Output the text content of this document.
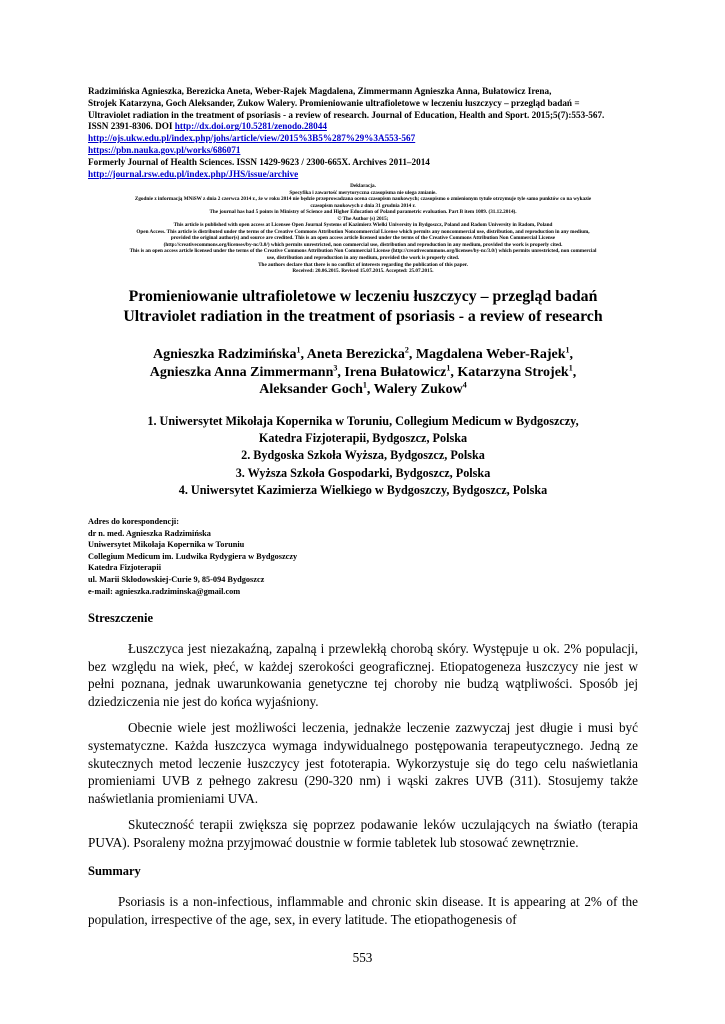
Radzimińska Agnieszka, Berezicka Aneta, Weber-Rajek Magdalena, Zimmermann Agnieszka Anna, Bułatowicz Irena,
Strojek Katarzyna, Goch Aleksander, Zukow Walery. Promieniowanie ultrafioletowe w leczeniu łuszczycy – przegląd badań =
Ultraviolet radiation in the treatment of psoriasis - a review of research. Journal of Education, Health and Sport. 2015;5(7):553-567.
ISSN 2391-8306. DOI http://dx.doi.org/10.5281/zenodo.28044
http://ojs.ukw.edu.pl/index.php/johs/article/view/2015%3B5%287%29%3A553-567
https://pbn.nauka.gov.pl/works/686071
Formerly Journal of Health Sciences. ISSN 1429-9623 / 2300-665X. Archives 2011–2014
http://journal.rsw.edu.pl/index.php/JHS/issue/archive
Deklaracja.
Specyfika i zawartość merytoryczna czasopisma nie ulega zmianie.
Zgodnie z informacją MNiSW z dnia 2 czerwca 2014 r., że w roku 2014 nie będzie przeprowadzana ocena czasopism naukowych; czasopismo o zmienionym tytule otrzymuje tyle samo punktów co na wykazie
czasopism naukowych z dnia 31 grudnia 2014 r.
The journal has had 5 points in Ministry of Science and Higher Education of Poland parametric evaluation. Part B item 1089. (31.12.2014).
© The Author (s) 2015;
This article is published with open access at Licensee Open Journal Systems of Kazimierz Wielki University in Bydgoszcz, Poland and Radom University in Radom, Poland
Open Access. This article is distributed under the terms of the Creative Commons Attribution Noncommercial License which permits any noncommercial use, distribution, and reproduction in any medium,
provided the original author(s) and source are credited. This is an open access article licensed under the terms of the Creative Commons Attribution Non Commercial License
(http://creativecommons.org/licenses/by-nc/3.0/) which permits unrestricted, non commercial use, distribution and reproduction in any medium, provided the work is properly cited.
This is an open access article licensed under the terms of the Creative Commons Attribution Non Commercial License (http://creativecommons.org/licenses/by-nc/3.0/) which permits unrestricted, non commercial
use, distribution and reproduction in any medium, provided the work is properly cited.
The authors declare that there is no conflict of interests regarding the publication of this paper.
Received: 20.06.2015. Revised 15.07.2015. Accepted: 25.07.2015.
Promieniowanie ultrafioletowe w leczeniu łuszczycy – przegląd badań
Ultraviolet radiation in the treatment of psoriasis - a review of research
Agnieszka Radzimińska$^1$, Aneta Berezicka$^2$, Magdalena Weber-Rajek$^1$,
Agnieszka Anna Zimmermann$^3$, Irena Bułatowicz$^1$, Katarzyna Strojek$^1$,
Aleksander Goch$^1$, Walery Zukow$^4$
1. Uniwersytet Mikołaja Kopernika w Toruniu, Collegium Medicum w Bydgoszczy,
Katedra Fizjoterapii, Bydgoszcz, Polska
2. Bydgoska Szkoła Wyższa, Bydgoszcz, Polska
3. Wyższa Szkoła Gospodarki, Bydgoszcz, Polska
4. Uniwersytet Kazimierza Wielkiego w Bydgoszczy, Bydgoszcz, Polska
Adres do korespondencji:
dr n. med. Agnieszka Radzimińska
Uniwersytet Mikołaja Kopernika w Toruniu
Collegium Medicum im. Ludwika Rydygiera w Bydgoszczy
Katedra Fizjoterapii
ul. Marii Skłodowskiej-Curie 9, 85-094 Bydgoszcz
e-mail: agnieszka.radziminska@gmail.com
Streszczenie

Łuszczyca jest niezakaźną, zapalną i przewlekłą chorobą skóry. Występuje u ok. 2% populacji, bez względu na wiek, płeć, w każdej szerokości geograficznej. Etiopatogeneza łuszczycy nie jest w pełni poznana, jednak uwarunkowania genetyczne tej choroby nie budzą wątpliwości. Sposób jej dziedziczenia nie jest do końca wyjaśniony.

Obecnie wiele jest możliwości leczenia, jednakże leczenie zazwyczaj jest długie i musi być systematyczne. Każda łuszczyca wymaga indywidualnego postępowania terapeutycznego. Jedną ze skutecznych metod leczenie łuszczycy jest fototerapia. Wykorzystuje się do tego celu naświetlania promieniami UVB z pełnego zakresu (290-320 nm) i wąski zakres UVB (311). Stosujemy także naświetlania promieniami UVA.

Skuteczność terapii zwiększa się poprzez podawanie leków uczulających na światło (terapia PUVA). Psoraleny można przyjmować doustnie w formie tabletek lub stosować zewnętrznie.

Summary

Psoriasis is a non-infectious, inflammable and chronic skin disease. It is appearing at 2% of the population, irrespective of the age, sex, in every latitude. The etiopathogenesis of

553
